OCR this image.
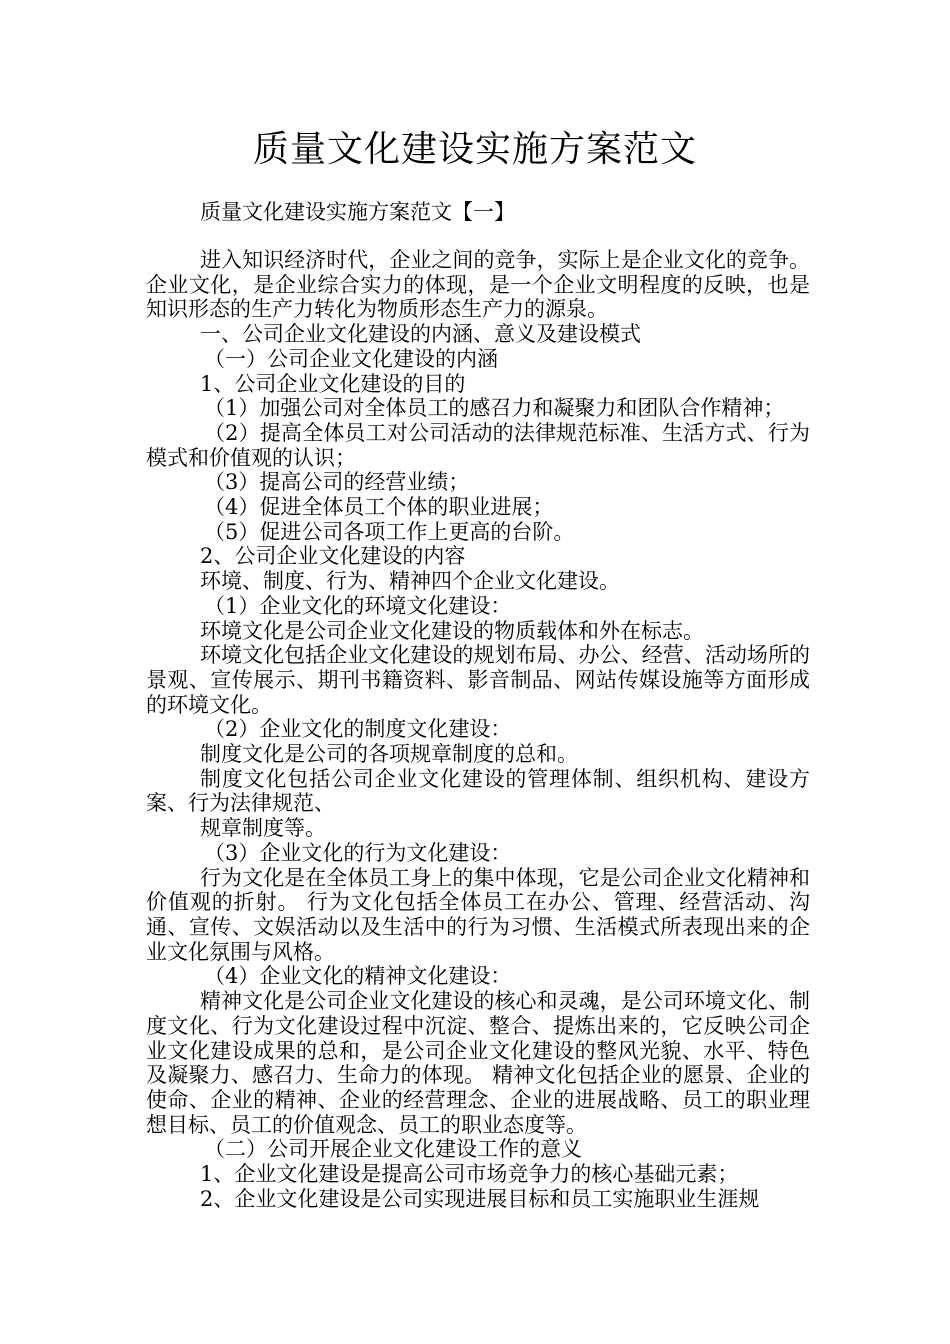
质量文化建设实施方案范文
质量文化建设实施方案范文【一】

进入知识经济时代，企业之间的竞争，实际上是企业文化的竞争。企业文化，是企业综合实力的体现，是一个企业文明程度的反映，也是知识形态的生产力转化为物质形态生产力的源泉。

一、公司企业文化建设的内涵、意义及建设模式

（一）公司企业文化建设的内涵

1、公司企业文化建设的目的

（1）加强公司对全体员工的感召力和凝聚力和团队合作精神；

（2）提高全体员工对公司活动的法律规范标准、生活方式、行为模式和价值观的认识；

（3）提高公司的经营业绩；

（4）促进全体员工个体的职业进展；

（5）促进公司各项工作上更高的台阶。

2、公司企业文化建设的内容

环境、制度、行为、精神四个企业文化建设。

（1）企业文化的环境文化建设：

环境文化是公司企业文化建设的物质载体和外在标志。

环境文化包括企业文化建设的规划布局、办公、经营、活动场所的景观、宣传展示、期刊书籍资料、影音制品、网站传媒设施等方面形成的环境文化。

（2）企业文化的制度文化建设：

制度文化是公司的各项规章制度的总和。

制度文化包括公司企业文化建设的管理体制、组织机构、建设方案、行为法律规范、

规章制度等。

（3）企业文化的行为文化建设：

行为文化是在全体员工身上的集中体现，它是公司企业文化精神和价值观的折射。 行为文化包括全体员工在办公、管理、经营活动、沟通、宣传、文娱活动以及生活中的行为习惯、生活模式所表现出来的企业文化氛围与风格。

（4）企业文化的精神文化建设：

精神文化是公司企业文化建设的核心和灵魂，是公司环境文化、制度文化、行为文化建设过程中沉淀、整合、提炼出来的，它反映公司企业文化建设成果的总和，是公司企业文化建设的整风光貌、水平、特色及凝聚力、感召力、生命力的体现。 精神文化包括企业的愿景、企业的使命、企业的精神、企业的经营理念、企业的进展战略、员工的职业理想目标、员工的价值观念、员工的职业态度等。

（二）公司开展企业文化建设工作的意义

1、企业文化建设是提高公司市场竞争力的核心基础元素；

2、企业文化建设是公司实现进展目标和员工实施职业生涯规
